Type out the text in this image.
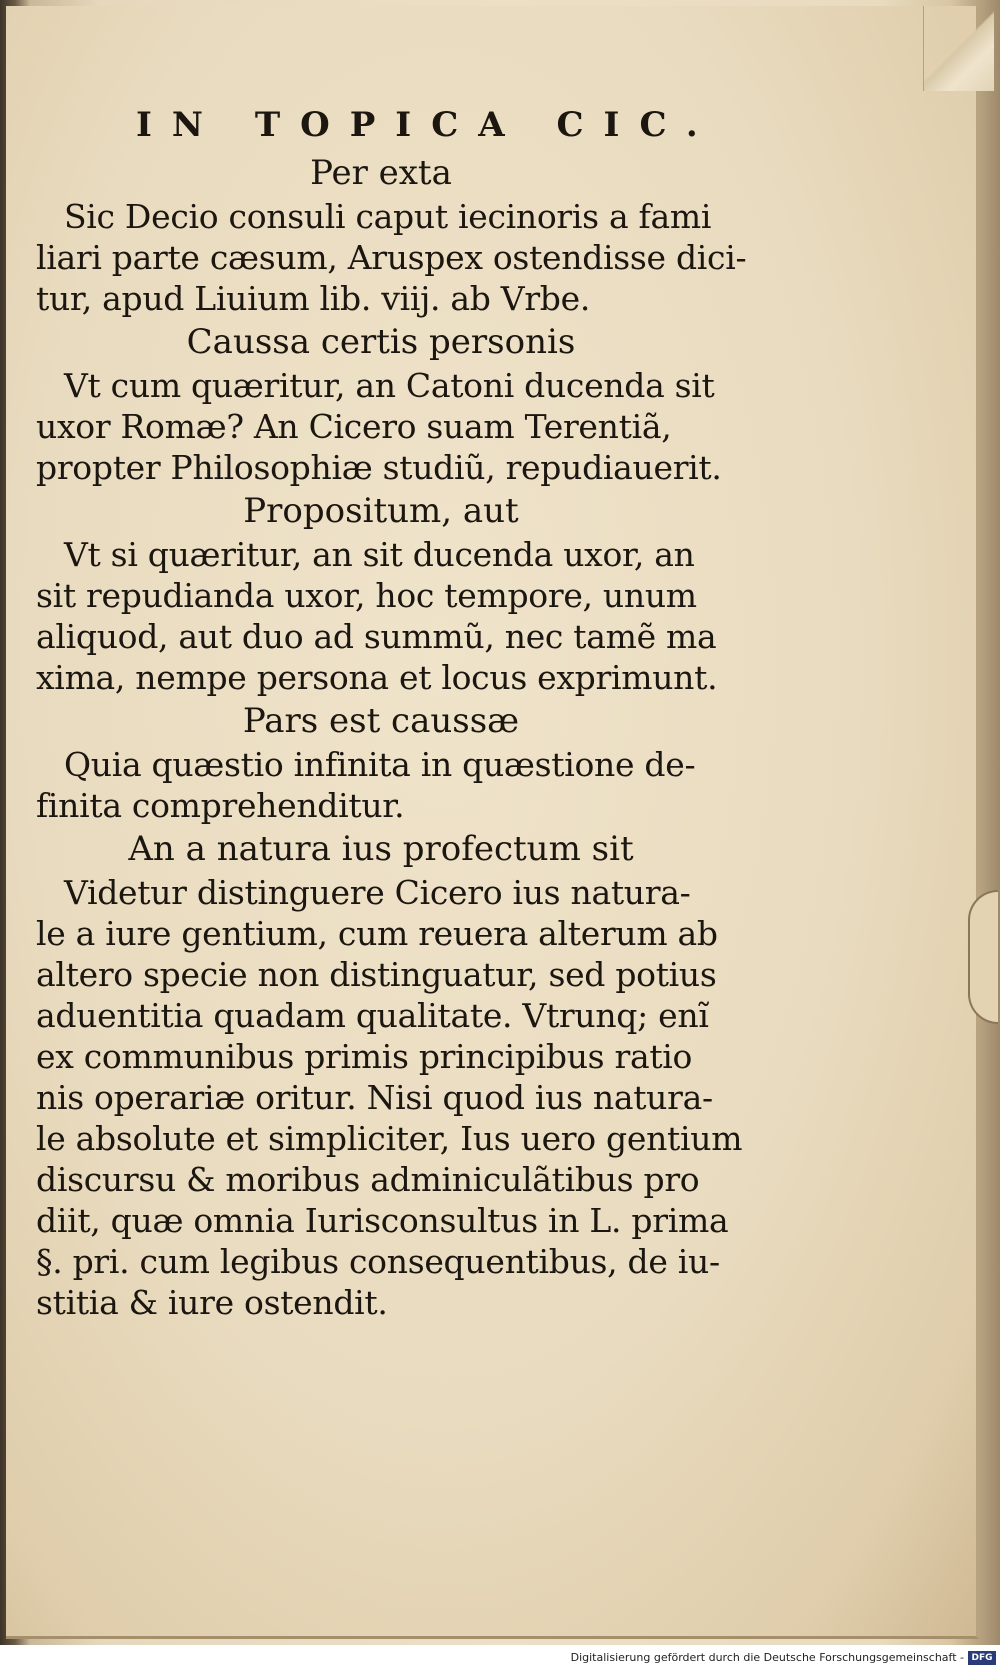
IN TOPICA CIC.
Per exta
Sic Decio consuli caput iecinoris a fami
liari parte cæsum, Aruspex ostendisse dici-
tur, apud Liuium lib. viij. ab Vrbe.
Caussa certis personis
Vt cum quæritur, an Catoni ducenda sit
uxor Romæ? An Cicero suam Terentiã,
propter Philosophiæ studiũ, repudiauerit.
Propositum, aut
Vt si quæritur, an sit ducenda uxor, an
sit repudianda uxor, hoc tempore, unum
aliquod, aut duo ad summũ, nec tamẽ ma
xima, nempe persona et locus exprimunt.
Pars est caussæ
Quia quæstio infinita in quæstione de-
finita comprehenditur.
An a natura ius profectum sit
Videtur distinguere Cicero ius natura-
le a iure gentium, cum reuera alterum ab
altero specie non distinguatur, sed potius
aduentitia quadam qualitate. Vtrunq; enĩ
ex communibus primis principibus ratio
nis operariæ oritur. Nisi quod ius natura-
le absolute et simpliciter, Ius uero gentium
discursu & moribus adminiculãtibus pro
diit, quæ omnia Iurisconsultus in L. prima
§. pri. cum legibus consequentibus, de iu-
stitia & iure ostendit.
Digitalisierung gefördert durch die Deutsche Forschungsgemeinschaft - DFG
